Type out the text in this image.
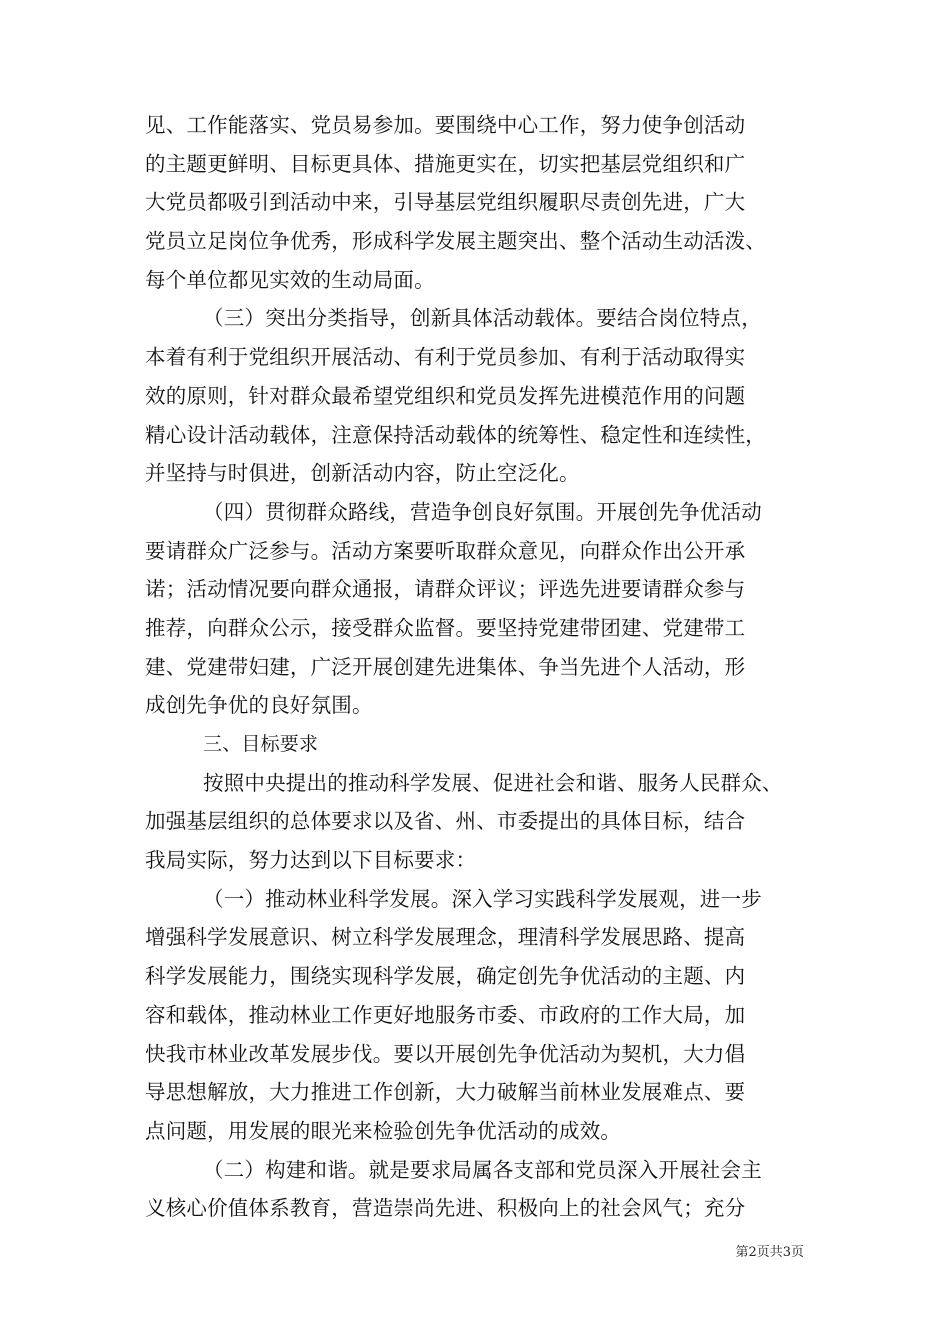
见、工作能落实、党员易参加。要围绕中心工作，努力使争创活动
的主题更鲜明、目标更具体、措施更实在，切实把基层党组织和广
大党员都吸引到活动中来，引导基层党组织履职尽责创先进，广大
党员立足岗位争优秀，形成科学发展主题突出、整个活动生动活泼、
每个单位都见实效的生动局面。
（三）突出分类指导，创新具体活动载体。要结合岗位特点，
本着有利于党组织开展活动、有利于党员参加、有利于活动取得实
效的原则，针对群众最希望党组织和党员发挥先进模范作用的问题
精心设计活动载体，注意保持活动载体的统筹性、稳定性和连续性，
并坚持与时俱进，创新活动内容，防止空泛化。
（四）贯彻群众路线，营造争创良好氛围。开展创先争优活动
要请群众广泛参与。活动方案要听取群众意见，向群众作出公开承
诺；活动情况要向群众通报，请群众评议；评选先进要请群众参与
推荐，向群众公示，接受群众监督。要坚持党建带团建、党建带工
建、党建带妇建，广泛开展创建先进集体、争当先进个人活动，形
成创先争优的良好氛围。
三、目标要求
按照中央提出的推动科学发展、促进社会和谐、服务人民群众、
加强基层组织的总体要求以及省、州、市委提出的具体目标，结合
我局实际，努力达到以下目标要求：
（一）推动林业科学发展。深入学习实践科学发展观，进一步
增强科学发展意识、树立科学发展理念，理清科学发展思路、提高
科学发展能力，围绕实现科学发展，确定创先争优活动的主题、内
容和载体，推动林业工作更好地服务市委、市政府的工作大局，加
快我市林业改革发展步伐。要以开展创先争优活动为契机，大力倡
导思想解放，大力推进工作创新，大力破解当前林业发展难点、要
点问题，用发展的眼光来检验创先争优活动的成效。
（二）构建和谐。就是要求局属各支部和党员深入开展社会主
义核心价值体系教育，营造崇尚先进、积极向上的社会风气；充分
第2页共3页
